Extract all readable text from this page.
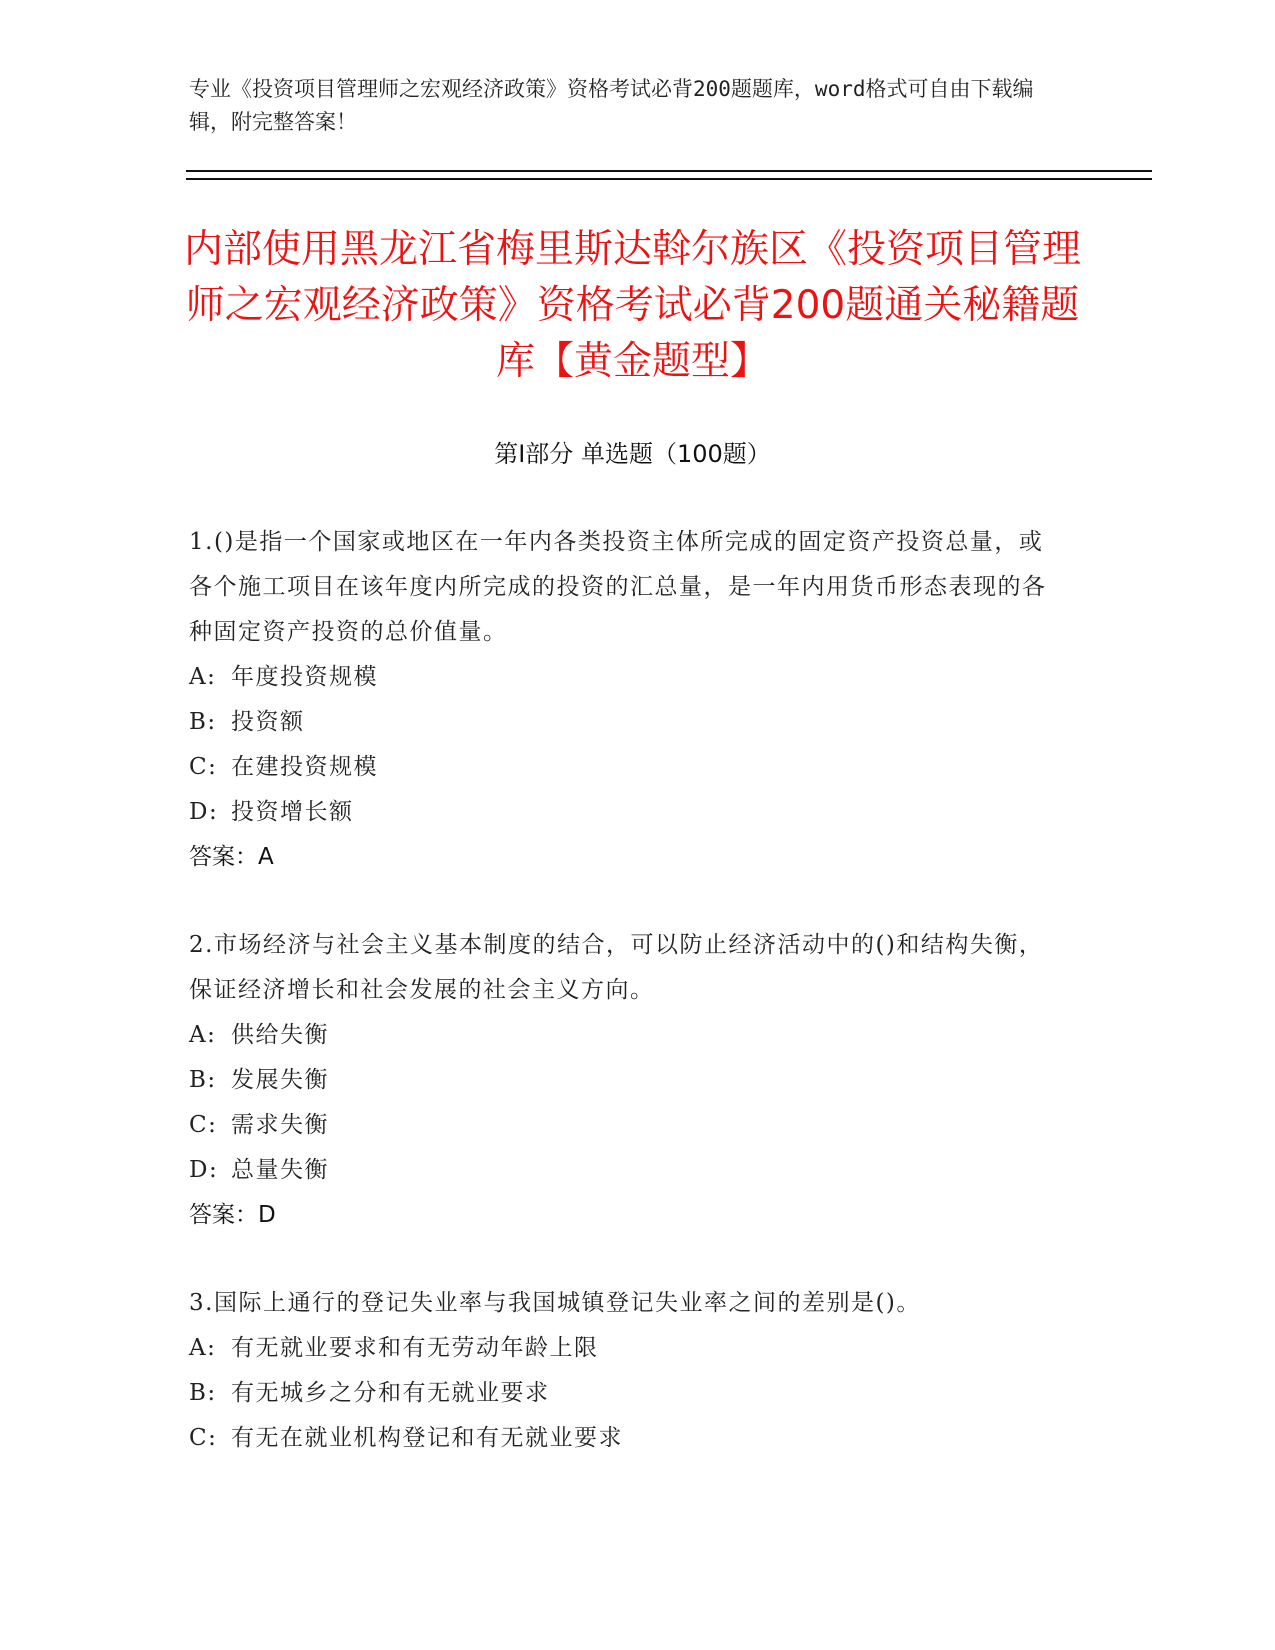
专业《投资项目管理师之宏观经济政策》资格考试必背200题题库，word格式可自由下载编辑，附完整答案！
内部使用黑龙江省梅里斯达斡尔族区《投资项目管理师之宏观经济政策》资格考试必背200题通关秘籍题库【黄金题型】
第Ⅰ部分 单选题（100题）
1.()是指一个国家或地区在一年内各类投资主体所完成的固定资产投资总量，或各个施工项目在该年度内所完成的投资的汇总量，是一年内用货币形态表现的各种固定资产投资的总价值量。
A: 年度投资规模
B: 投资额
C: 在建投资规模
D: 投资增长额
答案：A
2.市场经济与社会主义基本制度的结合，可以防止经济活动中的()和结构失衡，保证经济增长和社会发展的社会主义方向。
A: 供给失衡
B: 发展失衡
C: 需求失衡
D: 总量失衡
答案：D
3.国际上通行的登记失业率与我国城镇登记失业率之间的差别是()。
A: 有无就业要求和有无劳动年龄上限
B: 有无城乡之分和有无就业要求
C: 有无在就业机构登记和有无就业要求
